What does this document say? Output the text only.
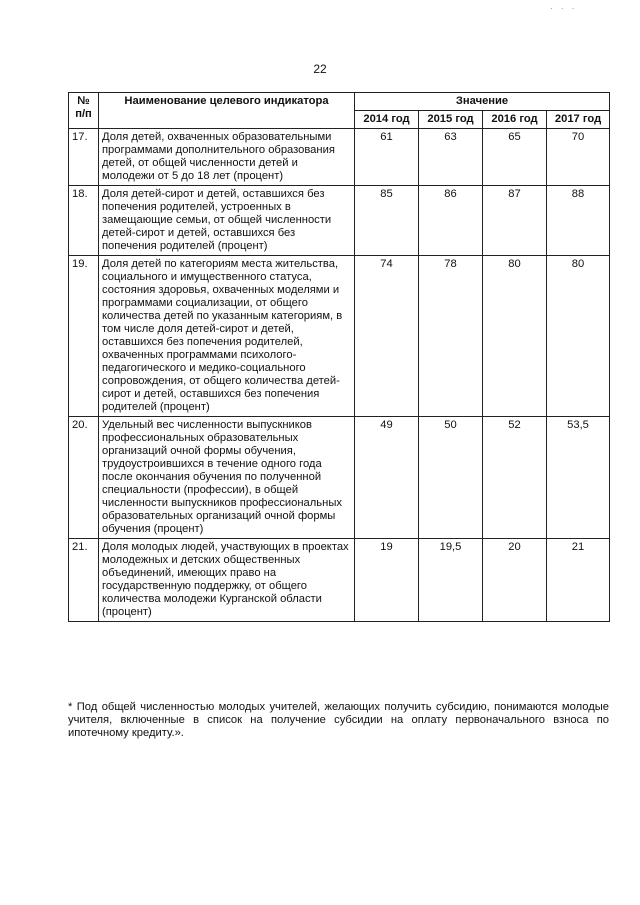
· · ·
22
№ п/п	Наименование целевого индикатора	Значение			
		2014 год	2015 год	2016 год	2017 год
17.	Доля детей, охваченных образовательными программами дополнительного образования детей, от общей численности детей и молодежи от 5 до 18 лет (процент)	61	63	65	70
18.	Доля детей-сирот и детей, оставшихся без попечения родителей, устроенных в замещающие семьи, от общей численности детей-сирот и детей, оставшихся без попечения родителей (процент)	85	86	87	88
19.	Доля детей по категориям места жительства, социального и имущественного статуса, состояния здоровья, охваченных моделями и программами социализации, от общего количества детей по указанным категориям, в том числе доля детей-сирот и детей, оставшихся без попечения родителей, охваченных программами психолого-педагогического и медико-социального сопровождения, от общего количества детей-сирот и детей, оставшихся без попечения родителей (процент)	74	78	80	80
20.	Удельный вес численности выпускников профессиональных образовательных организаций очной формы обучения, трудоустроившихся в течение одного года после окончания обучения по полученной специальности (профессии), в общей численности выпускников профессиональных образовательных организаций очной формы обучения (процент)	49	50	52	53,5
21.	Доля молодых людей, участвующих в проектах молодежных и детских общественных объединений, имеющих право на государственную поддержку, от общего количества молодежи Курганской области (процент)	19	19,5	20	21
* Под общей численностью молодых учителей, желающих получить субсидию, понимаются молодые учителя, включенные в список на получение субсидии на оплату первоначального взноса по ипотечному кредиту.».
